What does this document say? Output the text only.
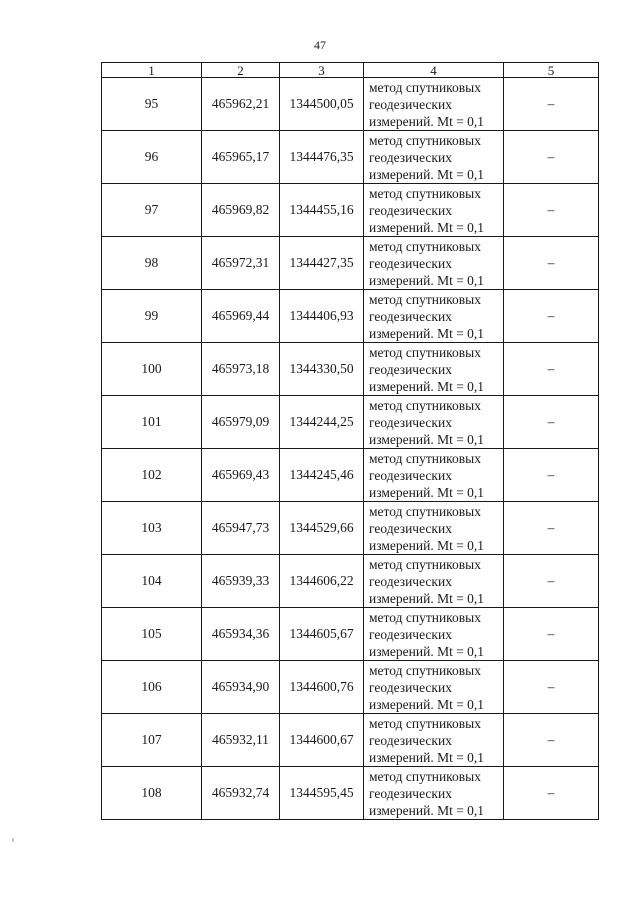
47
1	2	3	4	5
95	465962,21	1344500,05	метод спутниковых
геодезических
измерений. Mt = 0,1	–
96	465965,17	1344476,35	метод спутниковых
геодезических
измерений. Mt = 0,1	–
97	465969,82	1344455,16	метод спутниковых
геодезических
измерений. Mt = 0,1	–
98	465972,31	1344427,35	метод спутниковых
геодезических
измерений. Mt = 0,1	–
99	465969,44	1344406,93	метод спутниковых
геодезических
измерений. Mt = 0,1	–
100	465973,18	1344330,50	метод спутниковых
геодезических
измерений. Mt = 0,1	–
101	465979,09	1344244,25	метод спутниковых
геодезических
измерений. Mt = 0,1	–
102	465969,43	1344245,46	метод спутниковых
геодезических
измерений. Mt = 0,1	–
103	465947,73	1344529,66	метод спутниковых
геодезических
измерений. Mt = 0,1	–
104	465939,33	1344606,22	метод спутниковых
геодезических
измерений. Mt = 0,1	–
105	465934,36	1344605,67	метод спутниковых
геодезических
измерений. Mt = 0,1	–
106	465934,90	1344600,76	метод спутниковых
геодезических
измерений. Mt = 0,1	–
107	465932,11	1344600,67	метод спутниковых
геодезических
измерений. Mt = 0,1	–
108	465932,74	1344595,45	метод спутниковых
геодезических
измерений. Mt = 0,1	–
